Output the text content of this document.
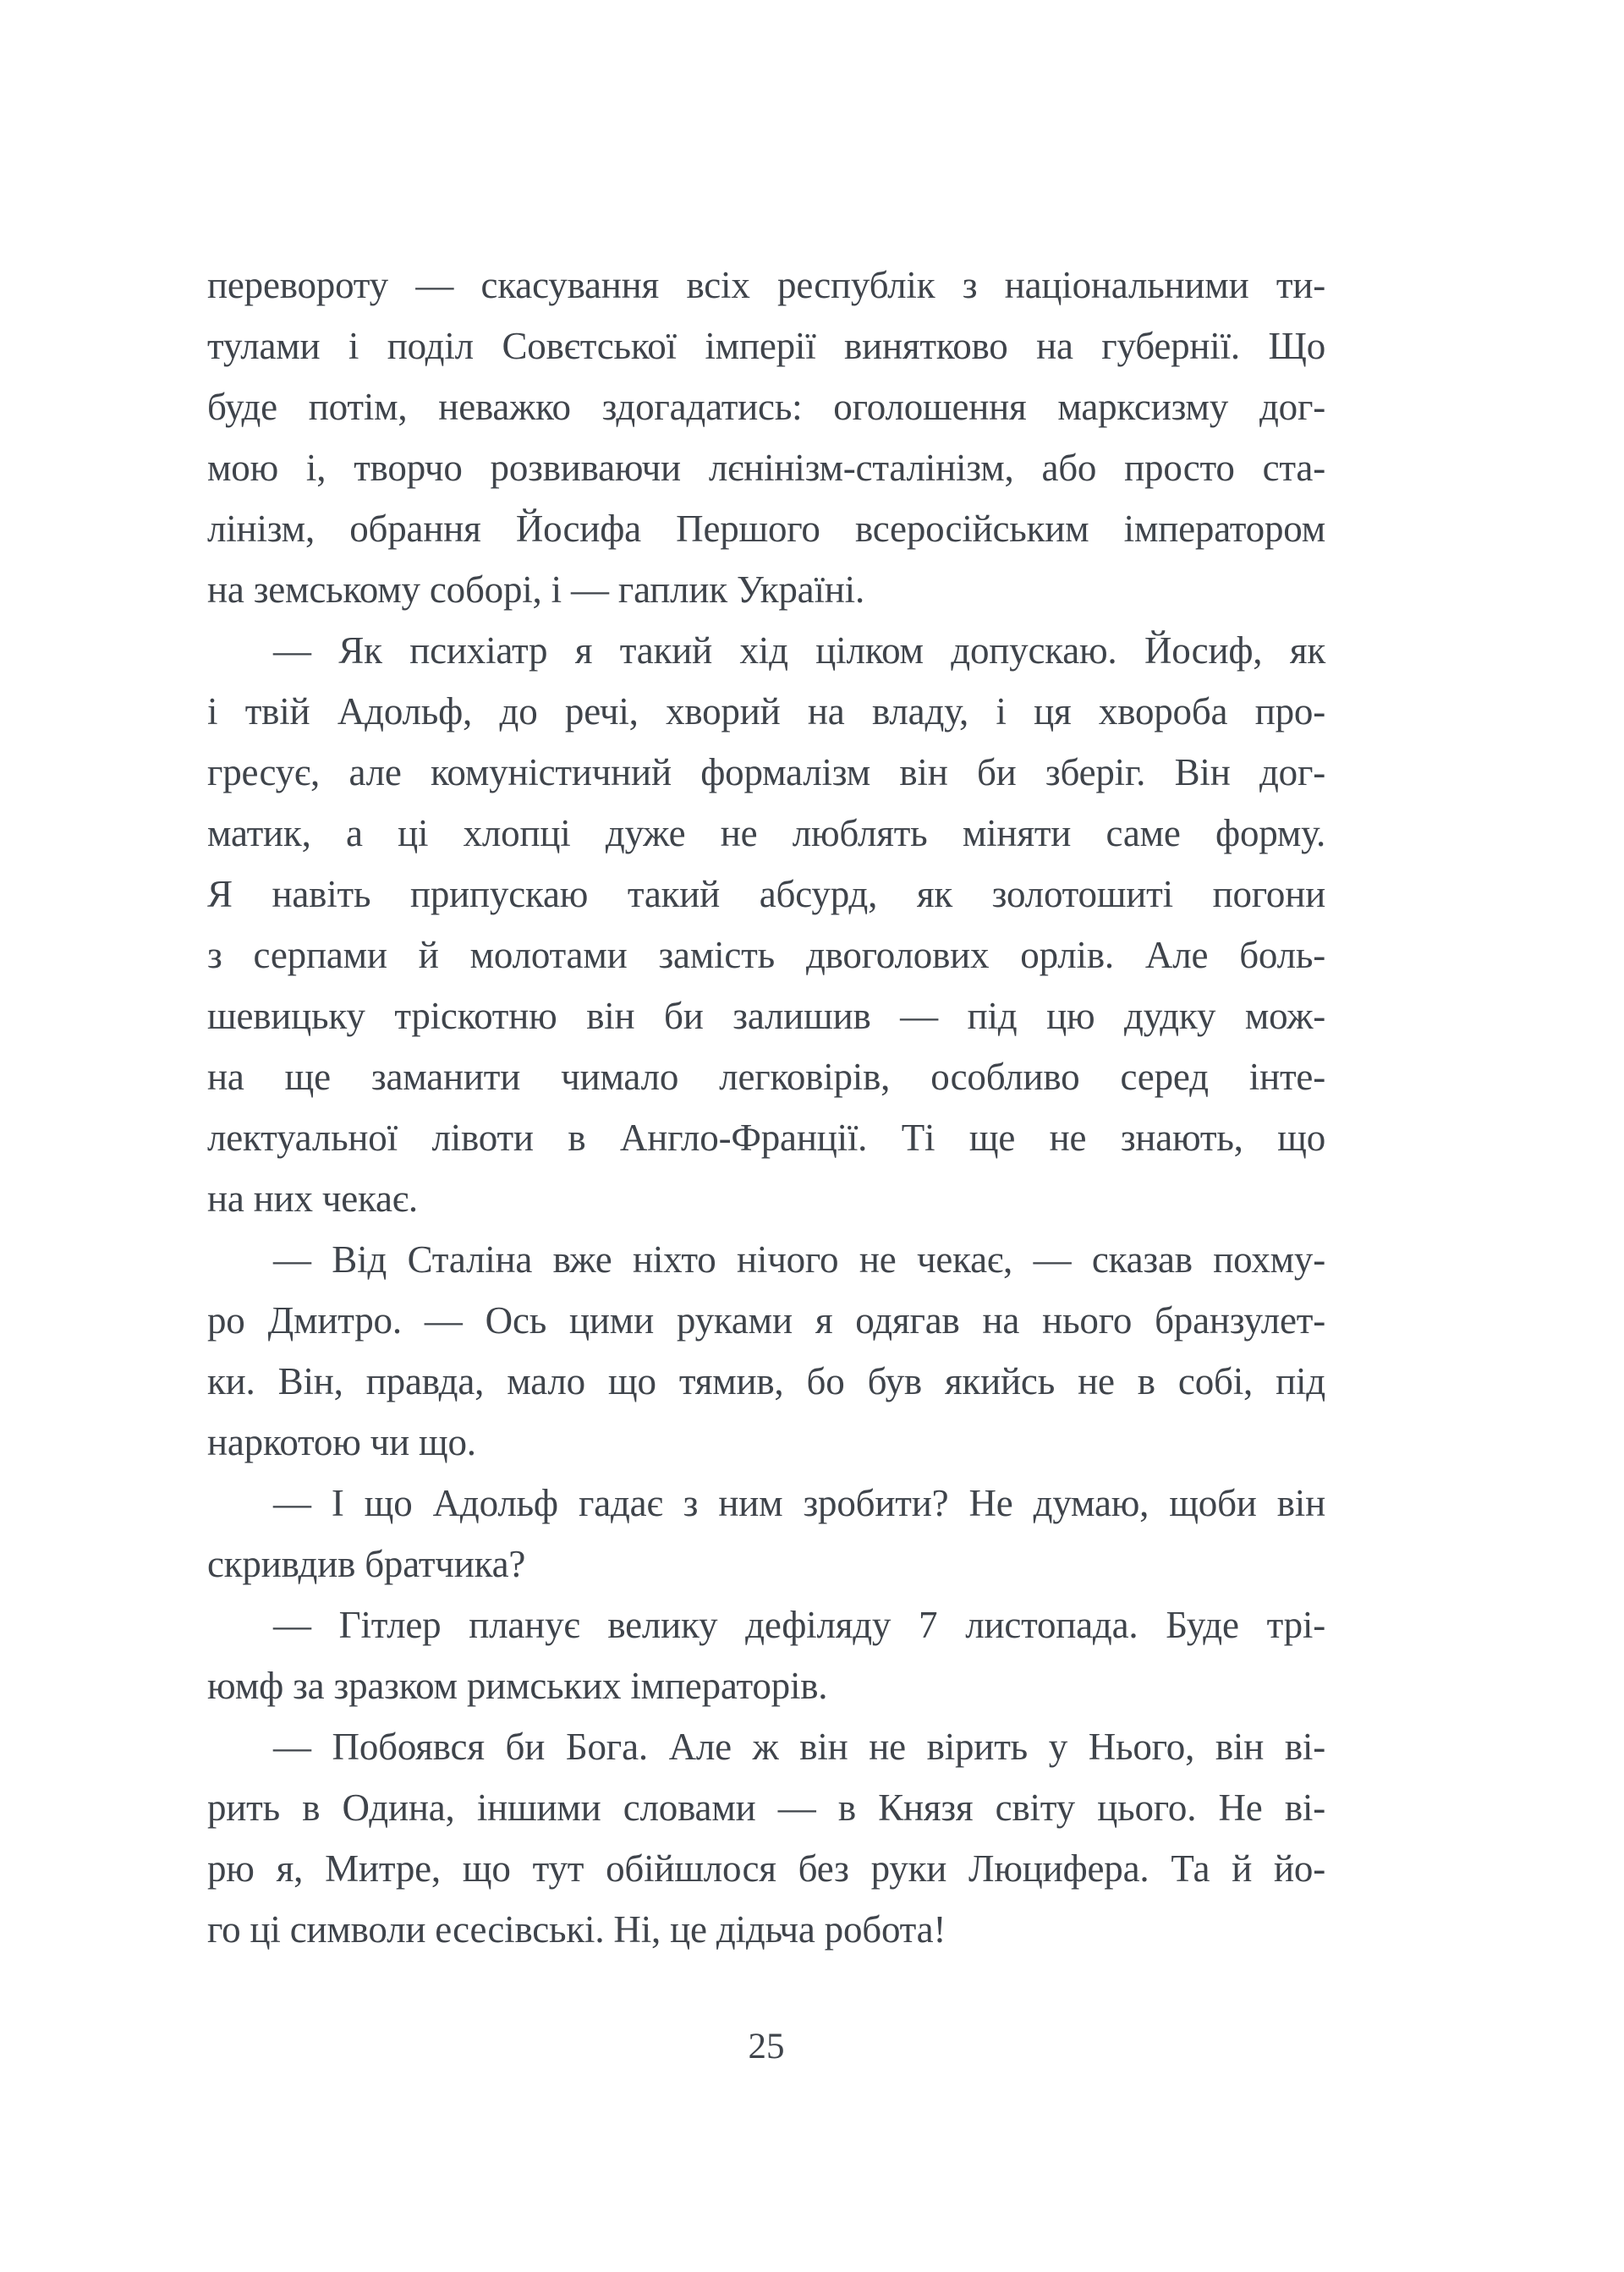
перевороту — скасування всіх республік з національними ти-
тулами і поділ Совєтської імперії винятково на губернії. Що
буде потім, неважко здогадатись: оголошення марксизму дог-
мою і, творчо розвиваючи лєнінізм-сталінізм, або просто ста-
лінізм, обрання Йосифа Першого всеросійським імператором
на земському соборі, і — гаплик Україні.
— Як психіатр я такий хід цілком допускаю. Йосиф, як
і твій Адольф, до речі, хворий на владу, і ця хвороба про-
гресує, але комуністичний формалізм він би зберіг. Він дог-
матик, а ці хлопці дуже не люблять міняти саме форму.
Я навіть припускаю такий абсурд, як золотошиті погони
з серпами й молотами замість двоголових орлів. Але боль-
шевицьку тріскотню він би залишив — під цю дудку мож-
на ще заманити чимало легковірів, особливо серед інте-
лектуальної лівоти в Англо-Франції. Ті ще не знають, що
на них чекає.
— Від Сталіна вже ніхто нічого не чекає, — сказав похму-
ро Дмитро. — Ось цими руками я одягав на нього бранзулет-
ки. Він, правда, мало що тямив, бо був якийсь не в собі, під
наркотою чи що.
— І що Адольф гадає з ним зробити? Не думаю, щоби він
скривдив братчика?
— Гітлер планує велику дефіляду 7 листопада. Буде трі-
юмф за зразком римських імператорів.
— Побоявся би Бога. Але ж він не вірить у Нього, він ві-
рить в Одина, іншими словами — в Князя світу цього. Не ві-
рю я, Митре, що тут обійшлося без руки Люцифера. Та й йо-
го ці символи есесівські. Ні, це дідьча робота!
25
